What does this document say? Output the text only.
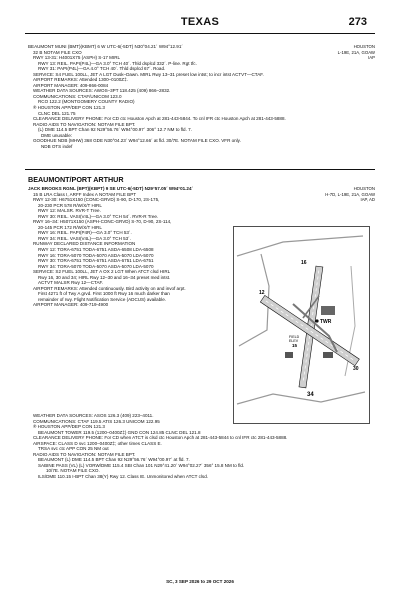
TEXAS	273
HOUSTON
L-19E, 21A, GOAW
IAP
BEAUMONT MUNI (BMT)(KBMT) 6 W UTC-6(-5DT) N30°04.21´ W94°12.91´
32 B NOTAM FILE CXO
RWY 13-31: H4001X75 (ASPH) S-17 MIRL
RWY 13: REIL. PAPI(P4L)—GA 3.0° TCH 40´. Thld dsplcd 332´. P-line. Rgt tfc.
RWY 31: PAPI(P4L)—GA 4.0° TCH 40´. Thld dsplcd 67´. Road.
SERVICE: S4 FUEL 100LL, JET A LGT Dusk–Dawn. MIRL Rwy 13–31 preset low intst; to incr intst ACTVT—CTAF.
AIRPORT REMARKS: Attended 1300–0100Z‡.
AIRPORT MANAGER: 409-866-0084
WEATHER DATA SOURCES: AWOS–3PT 118.425 (409) 866–2832.
COMMUNICATIONS: CTAF/UNICOM 123.0
RCO 122.2 (MONTGOMERY COUNTY RADIO)
® HOUSTON APP/DEP CON 121.3
CLNC DEL 121.75
CLEARANCE DELIVERY PHONE: For CD ctc Houston Apch at 281-443-5844. To cnl IFR ctc Houston Apch at 281-443-5888.
RADIO AIDS TO NAVIGATION: NOTAM FILE BPT.
(L) DME 114.5 BPT Chan 92 N29°56.76´ W94°00.97´ 306° 12.7 NM to fld. 7.
DME unusable:
GOODHUE NDB (MHW) 368 GDE N30°04.23´ W94°12.66´ at fld. 30/7E. NOTAM FILE CXO. VFR only.
NDB OTS indef
BEAUMONT/PORT ARTHUR
HOUSTON
H-7D, L-19E, 21A, GOAW
IAP, AD
JACK BROOKS RGNL (BPT)(KBPT) 9 SE UTC-6(-5DT) N29°57.05´ W94°01.24´
15 B LRA Class I, ARFF Index A NOTAM FILE BPT
RWY 12-30: H6751X150 (CONC-GRVD) S-90, D-170, 2S-175,
20-230 PCR 578 R/W/X/T HIRL
RWY 12: MALSR. RVR-T Tree.
RWY 30: REIL. VASI(V4L)—GA 3.0° TCH 54´. RVR-R Tree.
RWY 16–34: H5071X150 (ASPH-CONC-GRVD) S-70, D-90, 2S-114,
20-145 PCR 172 R/W/X/T HIRL
RWY 16: REIL. PAPI(P4R)—GA 3.0° TCH 53´.
RWY 34: REIL. VASI(V4L)—GA 3.0° TCH 53´.
RUNWAY DECLARED DISTANCE INFORMATION
RWY 12: TORA-6751 TODA-6751 ASDA-6508 LDA-6508
RWY 16: TORA-5070 TODA-5070 ASDA-5070 LDA-5070
RWY 30: TORA-6751 TODA-6751 ASDA-6751 LDA-6751
RWY 34: TORA-5070 TODA-5070 ASDA-5070 LDA-5070
SERVICE: S2 FUEL 100LL, JET A OX 2 LGT When ATCT clsd HIRL
Rwy 16, 30 and 34; HIRL Rwy 12–30 and 16–34 preset med intst.
ACTVT MALSR Rwy 12—CTAF.
AIRPORT REMARKS: Attended continuously. Bird activity on and invof arpt.
First 4271 ft of Twy A grvd. First 1000 ft Rwy 16 much darker than
remainder of rwy. Flight Notification Service (ADCUS) available.
AIRPORT MANAGER: 409-719-4900
WEATHER DATA SOURCES: ASOS 126.3 (409) 223–4011.
COMMUNICATIONS: CTAF 119.5 ATIS 126.3 UNICOM 122.95
® HOUSTON APP/DEP CON 121.3
BEAUMONT TOWER 119.5 (1200–0400Z‡) GND CON 124.85 CLNC DEL 121.8
CLEARANCE DELIVERY PHONE: For CD when ATCT is clsd ctc Houston Apch at 281-443-5844 to cnl IFR ctc 281-443-5888.
AIRSPACE: CLASS D svc 1200–0400Z‡; other times CLASS E.
TRSA svc ctc APP CON 25 NM out
RADIO AIDS TO NAVIGATION: NOTAM FILE BPT.
BEAUMONT (L) DME 114.5 BPT Chan 92 N29°56.76´ W94°00.97´ at fld. 7.
SABINE PASS (VL) (L) VORW/DME 115.4 SBI Chan 101 N29°41.20´ W94°02.27´ 356° 15.8 NM to fld.
10/7E. NOTAM FILE CXO.
ILS/DME 110.15 I-BPT Chan 38(Y) Rwy 12. Class IE. Unmonitored when ATCT clsd.
TWR
FIELD
ELEV
15
34
16
12
30
SC, 3 SEP 2026 to 29 OCT 2026
